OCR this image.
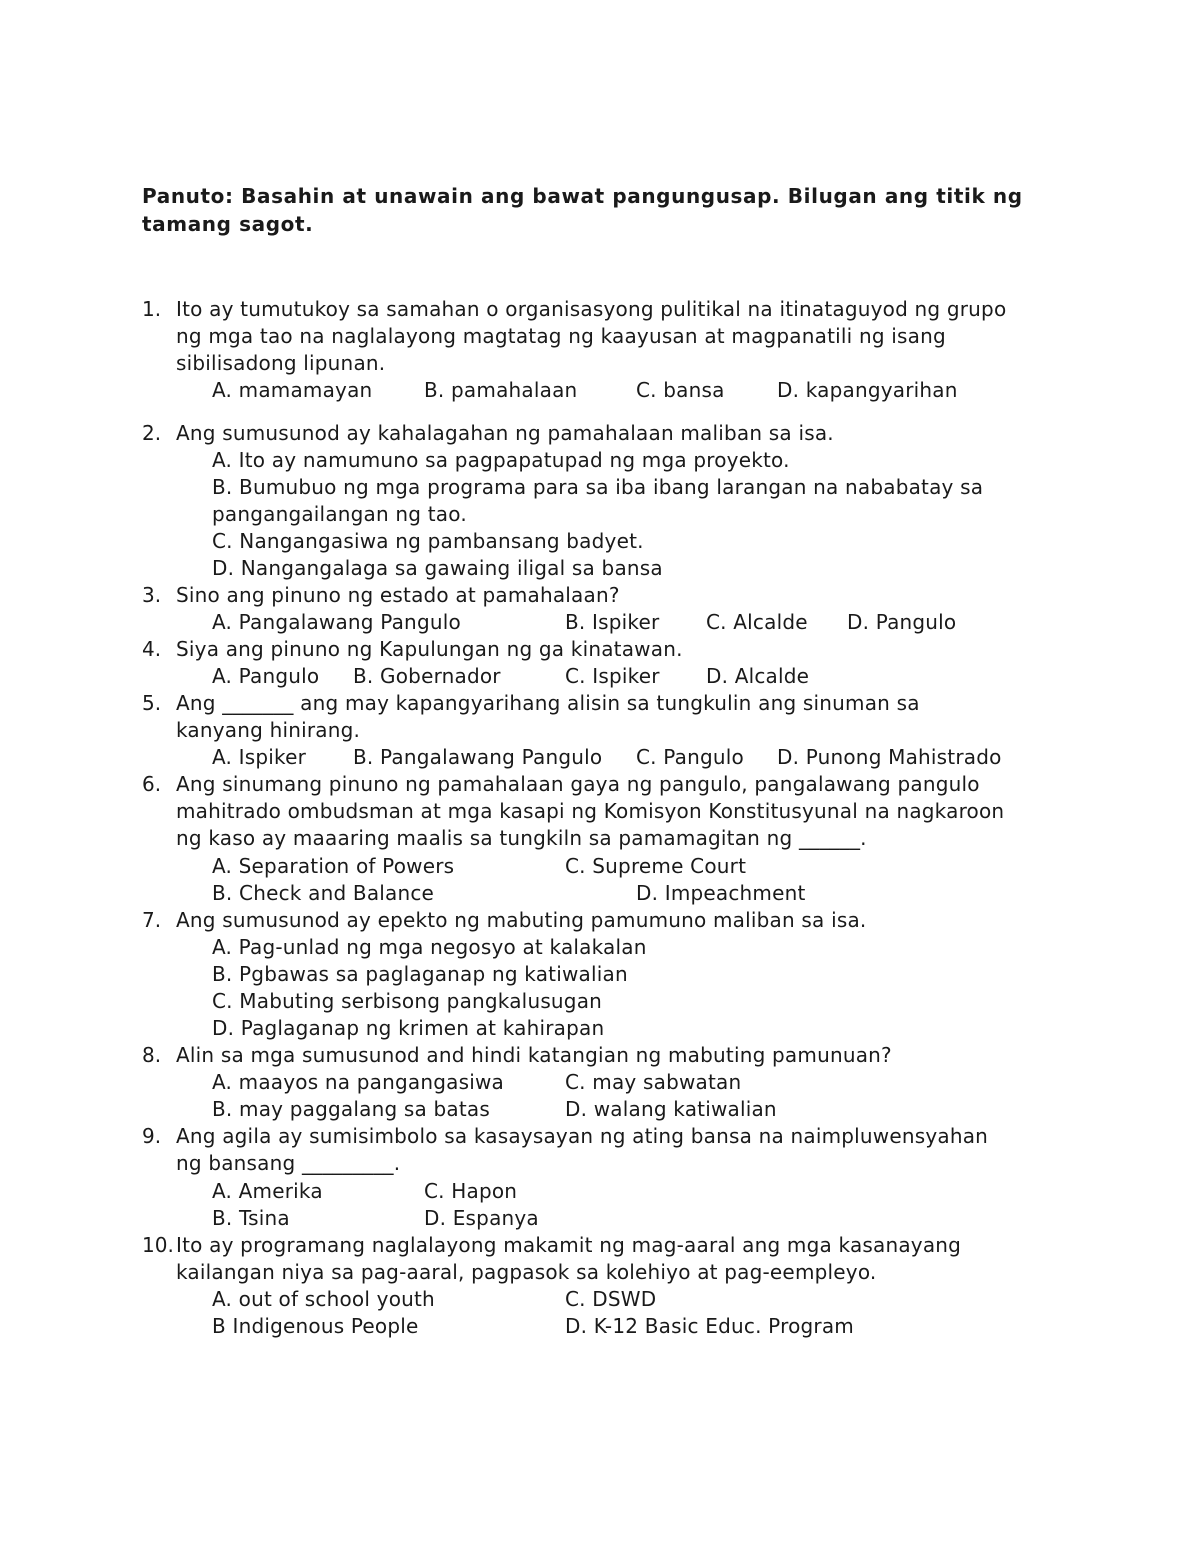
Panuto: Basahin at unawain ang bawat pangungusap. Bilugan ang titik ng tamang sagot.
1. Ito ay tumutukoy sa samahan o organisasyong pulitikal na itinataguyod ng grupo
ng mga tao na naglalayong magtatag ng kaayusan at magpanatili ng isang
sibilisadong lipunan.
A. mamamayan	B. pamahalaan	C. bansa	D. kapangyarihan
2. Ang sumusunod ay kahalagahan ng pamahalaan maliban sa isa.
A. Ito ay namumuno sa pagpapatupad ng mga proyekto.
B. Bumubuo ng mga programa para sa iba ibang larangan na nababatay sa
pangangailangan ng tao.
C. Nangangasiwa ng pambansang badyet.
D. Nangangalaga sa gawaing iligal sa bansa
3. Sino ang pinuno ng estado at pamahalaan?
A. Pangalawang Pangulo	B. Ispiker C. Alcalde D. Pangulo
4. Siya ang pinuno ng Kapulungan ng ga kinatawan.
A. Pangulo B. Gobernador	C. Ispiker D. Alcalde
5. Ang _______ ang may kapangyarihang alisin sa tungkulin ang sinuman sa
kanyang hinirang.
A. Ispiker B. Pangalawang Pangulo C. Pangulo D. Punong Mahistrado
6. Ang sinumang pinuno ng pamahalaan gaya ng pangulo, pangalawang pangulo
mahitrado ombudsman at mga kasapi ng Komisyon Konstitusyunal na nagkaroon
ng kaso ay maaaring maalis sa tungkiln sa pamamagitan ng ______.
A. Separation of Powers	C. Supreme Court
B. Check and Balance	D. Impeachment
7. Ang sumusunod ay epekto ng mabuting pamumuno maliban sa isa.
A. Pag-unlad ng mga negosyo at kalakalan
B. Pgbawas sa paglaganap ng katiwalian
C. Mabuting serbisong pangkalusugan
D. Paglaganap ng krimen at kahirapan
8. Alin sa mga sumusunod and hindi katangian ng mabuting pamunuan?
A. maayos na pangangasiwa	C. may sabwatan
B. may paggalang sa batas	D. walang katiwalian
9. Ang agila ay sumisimbolo sa kasaysayan ng ating bansa na naimpluwensyahan
ng bansang _________.
A. Amerika	C. Hapon
B. Tsina	D. Espanya
10. Ito ay programang naglalayong makamit ng mag-aaral ang mga kasanayang
kailangan niya sa pag-aaral, pagpasok sa kolehiyo at pag-eempleyo.
A. out of school youth	C. DSWD
B Indigenous People	D. K-12 Basic Educ. Program
